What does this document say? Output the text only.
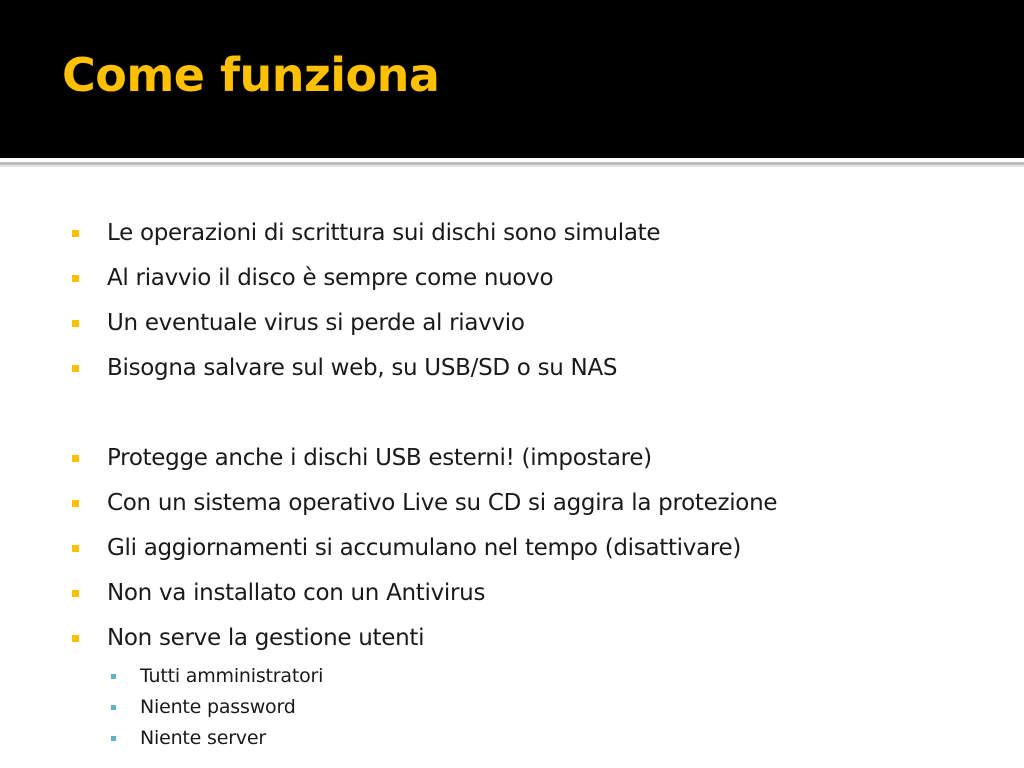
Come funziona
Le operazioni di scrittura sui dischi sono simulate
Al riavvio il disco è sempre come nuovo
Un eventuale virus si perde al riavvio
Bisogna salvare sul web, su USB/SD o su NAS
Protegge anche i dischi USB esterni! (impostare)
Con un sistema operativo Live su CD si aggira la protezione
Gli aggiornamenti si accumulano nel tempo (disattivare)
Non va installato con un Antivirus
Non serve la gestione utenti
Tutti amministratori
Niente password
Niente server
